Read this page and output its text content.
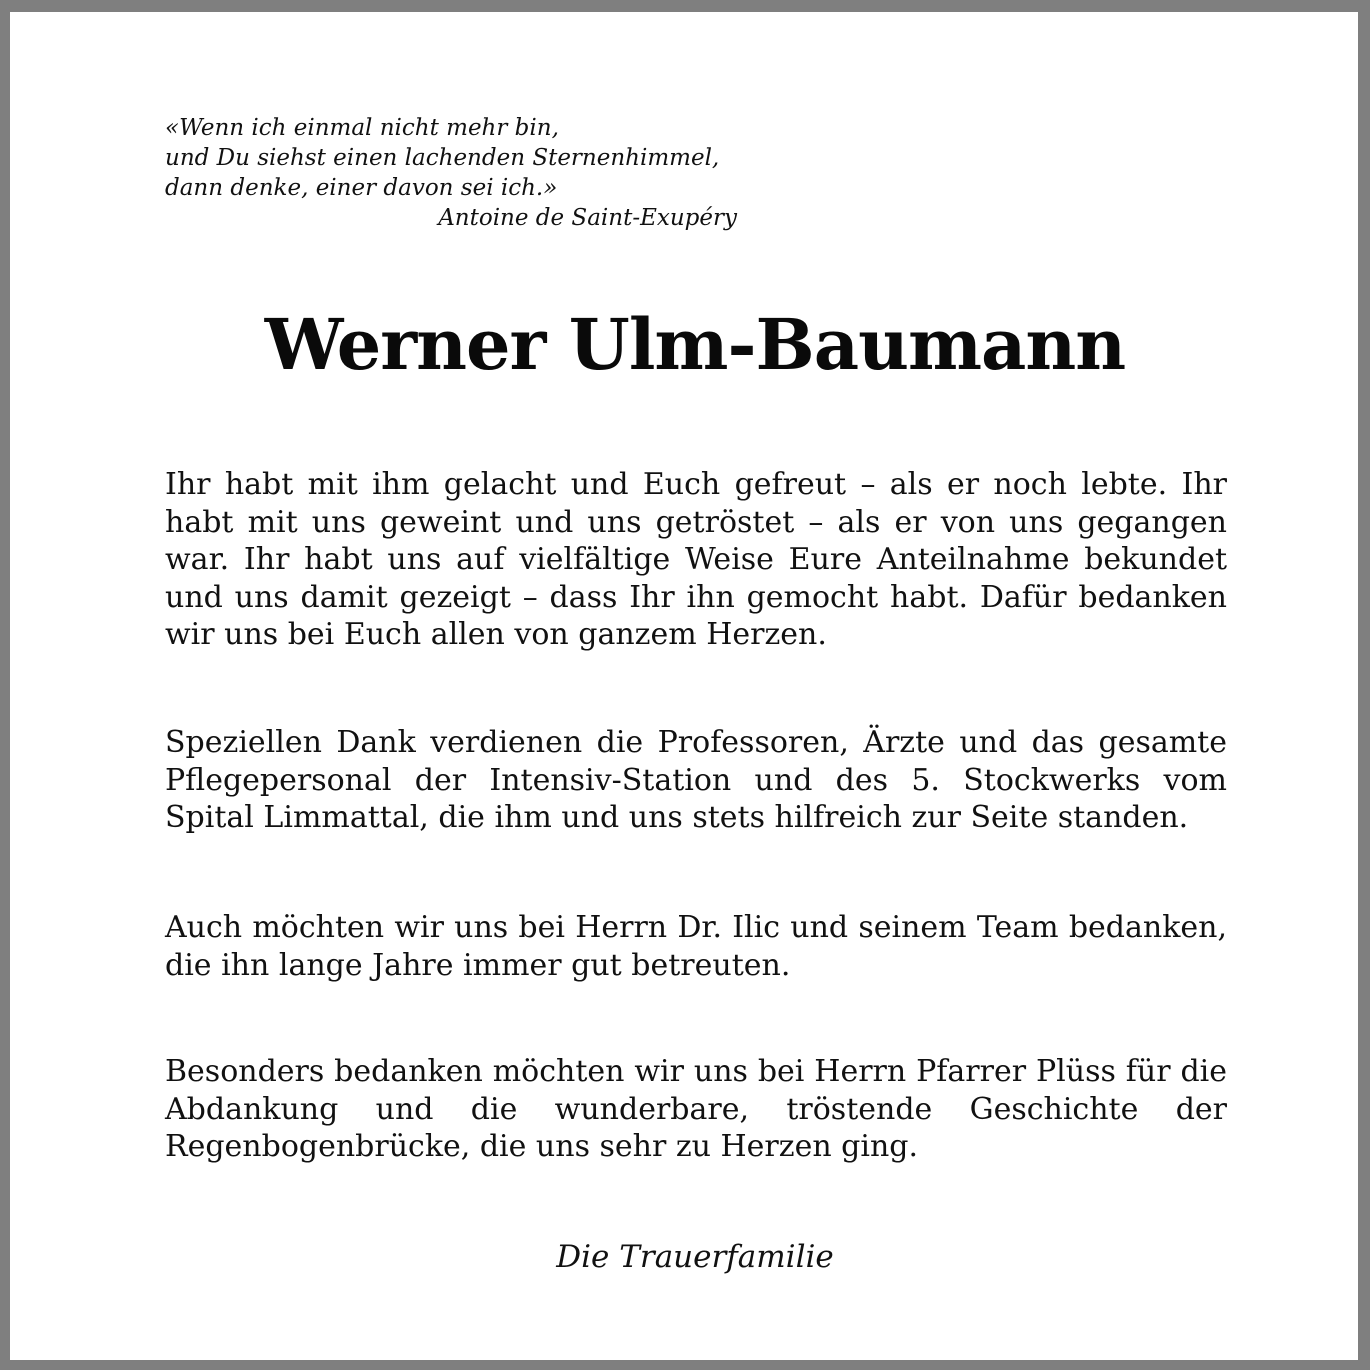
«Wenn ich einmal nicht mehr bin,
und Du siehst einen lachenden Sternenhimmel,
dann denke, einer davon sei ich.»
Antoine de Saint-Exupéry
Werner Ulm-Baumann

Ihr habt mit ihm gelacht und Euch gefreut – als er noch lebte. Ihr habt mit uns geweint und uns getröstet – als er von uns gegangen war. Ihr habt uns auf vielfältige Weise Eure Anteilnahme bekundet und uns damit gezeigt – dass Ihr ihn gemocht habt. Dafür bedanken wir uns bei Euch allen von ganzem Herzen.

Speziellen Dank verdienen die Professoren, Ärzte und das gesamte Pflegepersonal der Intensiv-Station und des 5. Stockwerks vom Spital Limmattal, die ihm und uns stets hilfreich zur Seite standen.

Auch möchten wir uns bei Herrn Dr. Ilic und seinem Team bedanken, die ihn lange Jahre immer gut betreuten.

Besonders bedanken möchten wir uns bei Herrn Pfarrer Plüss für die Abdankung und die wunderbare, tröstende Geschichte der Regenbogenbrücke, die uns sehr zu Herzen ging.

Die Trauerfamilie
